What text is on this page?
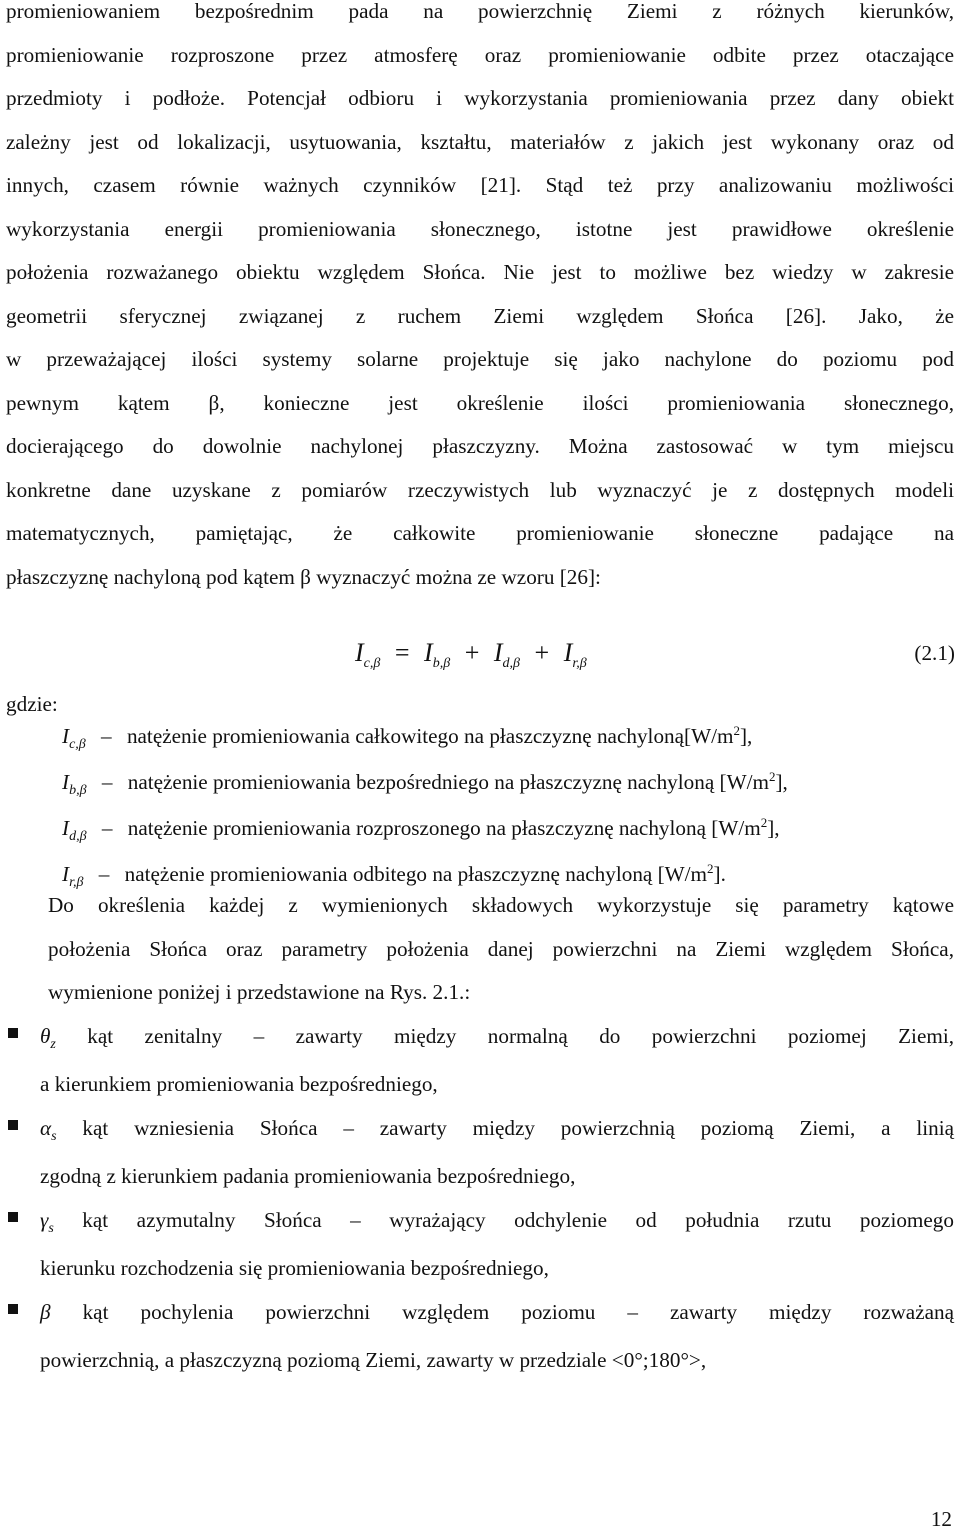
promieniowaniem bezpośrednim pada na powierzchnię Ziemi z różnych kierunków,
promieniowanie rozproszone przez atmosferę oraz promieniowanie odbite przez otaczające
przedmioty i podłoże. Potencjał odbioru i wykorzystania promieniowania przez dany obiekt
zależny jest od lokalizacji, usytuowania, kształtu, materiałów z jakich jest wykonany oraz od
innych, czasem równie ważnych czynników [21]. Stąd też przy analizowaniu możliwości
wykorzystania energii promieniowania słonecznego, istotne jest prawidłowe określenie
położenia rozważanego obiektu względem Słońca. Nie jest to możliwe bez wiedzy w zakresie
geometrii sferycznej związanej z ruchem Ziemi względem Słońca [26]. Jako, że
w przeważającej ilości systemy solarne projektuje się jako nachylone do poziomu pod
pewnym kątem β, konieczne jest określenie ilości promieniowania słonecznego,
docierającego do dowolnie nachylonej płaszczyzny. Można zastosować w tym miejscu
konkretne dane uzyskane z pomiarów rzeczywistych lub wyznaczyć je z dostępnych modeli
matematycznych, pamiętając, że całkowite promieniowanie słoneczne padające na
płaszczyznę nachyloną pod kątem β wyznaczyć można ze wzoru [26]:

$I_{c,\beta} = I_{b,\beta} + I_{d,\beta} + I_{r,\beta}$	(2.1)
gdzie:
$I_{c,\beta}$ – natężenie promieniowania całkowitego na płaszczyznę $nachyloną[W/m^2]$,
$I_{b,\beta}$ – natężenie promieniowania bezpośredniego na płaszczyznę nachyloną $[W/m^2]$,
$I_{d,\beta}$ – natężenie promieniowania rozproszonego na płaszczyznę nachyloną $[W/m^2]$,
$I_{r,\beta}$ – natężenie promieniowania odbitego na płaszczyznę nachyloną $[W/m^2]$.

Do określenia każdej z wymienionych składowych wykorzystuje się parametry kątowe
położenia Słońca oraz parametry położenia danej powierzchni na Ziemi względem Słońca,
wymienione poniżej i przedstawione na Rys. 2.1.:

$\theta_z$ kąt zenitalny – zawarty między normalną do powierzchni poziomej Ziemi,
a kierunkiem promieniowania bezpośredniego,
$\alpha_s$ kąt wzniesienia Słońca – zawarty między powierzchnią poziomą Ziemi, a linią
zgodną z kierunkiem padania promieniowania bezpośredniego,
$\gamma_s$ kąt azymutalny Słońca – wyrażający odchylenie od południa rzutu poziomego
kierunku rozchodzenia się promieniowania bezpośredniego,
β kąt pochylenia powierzchni względem poziomu – zawarty między rozważaną
powierzchnią, a płaszczyzną poziomą Ziemi, zawarty w przedziale <0°;180°>,
12
